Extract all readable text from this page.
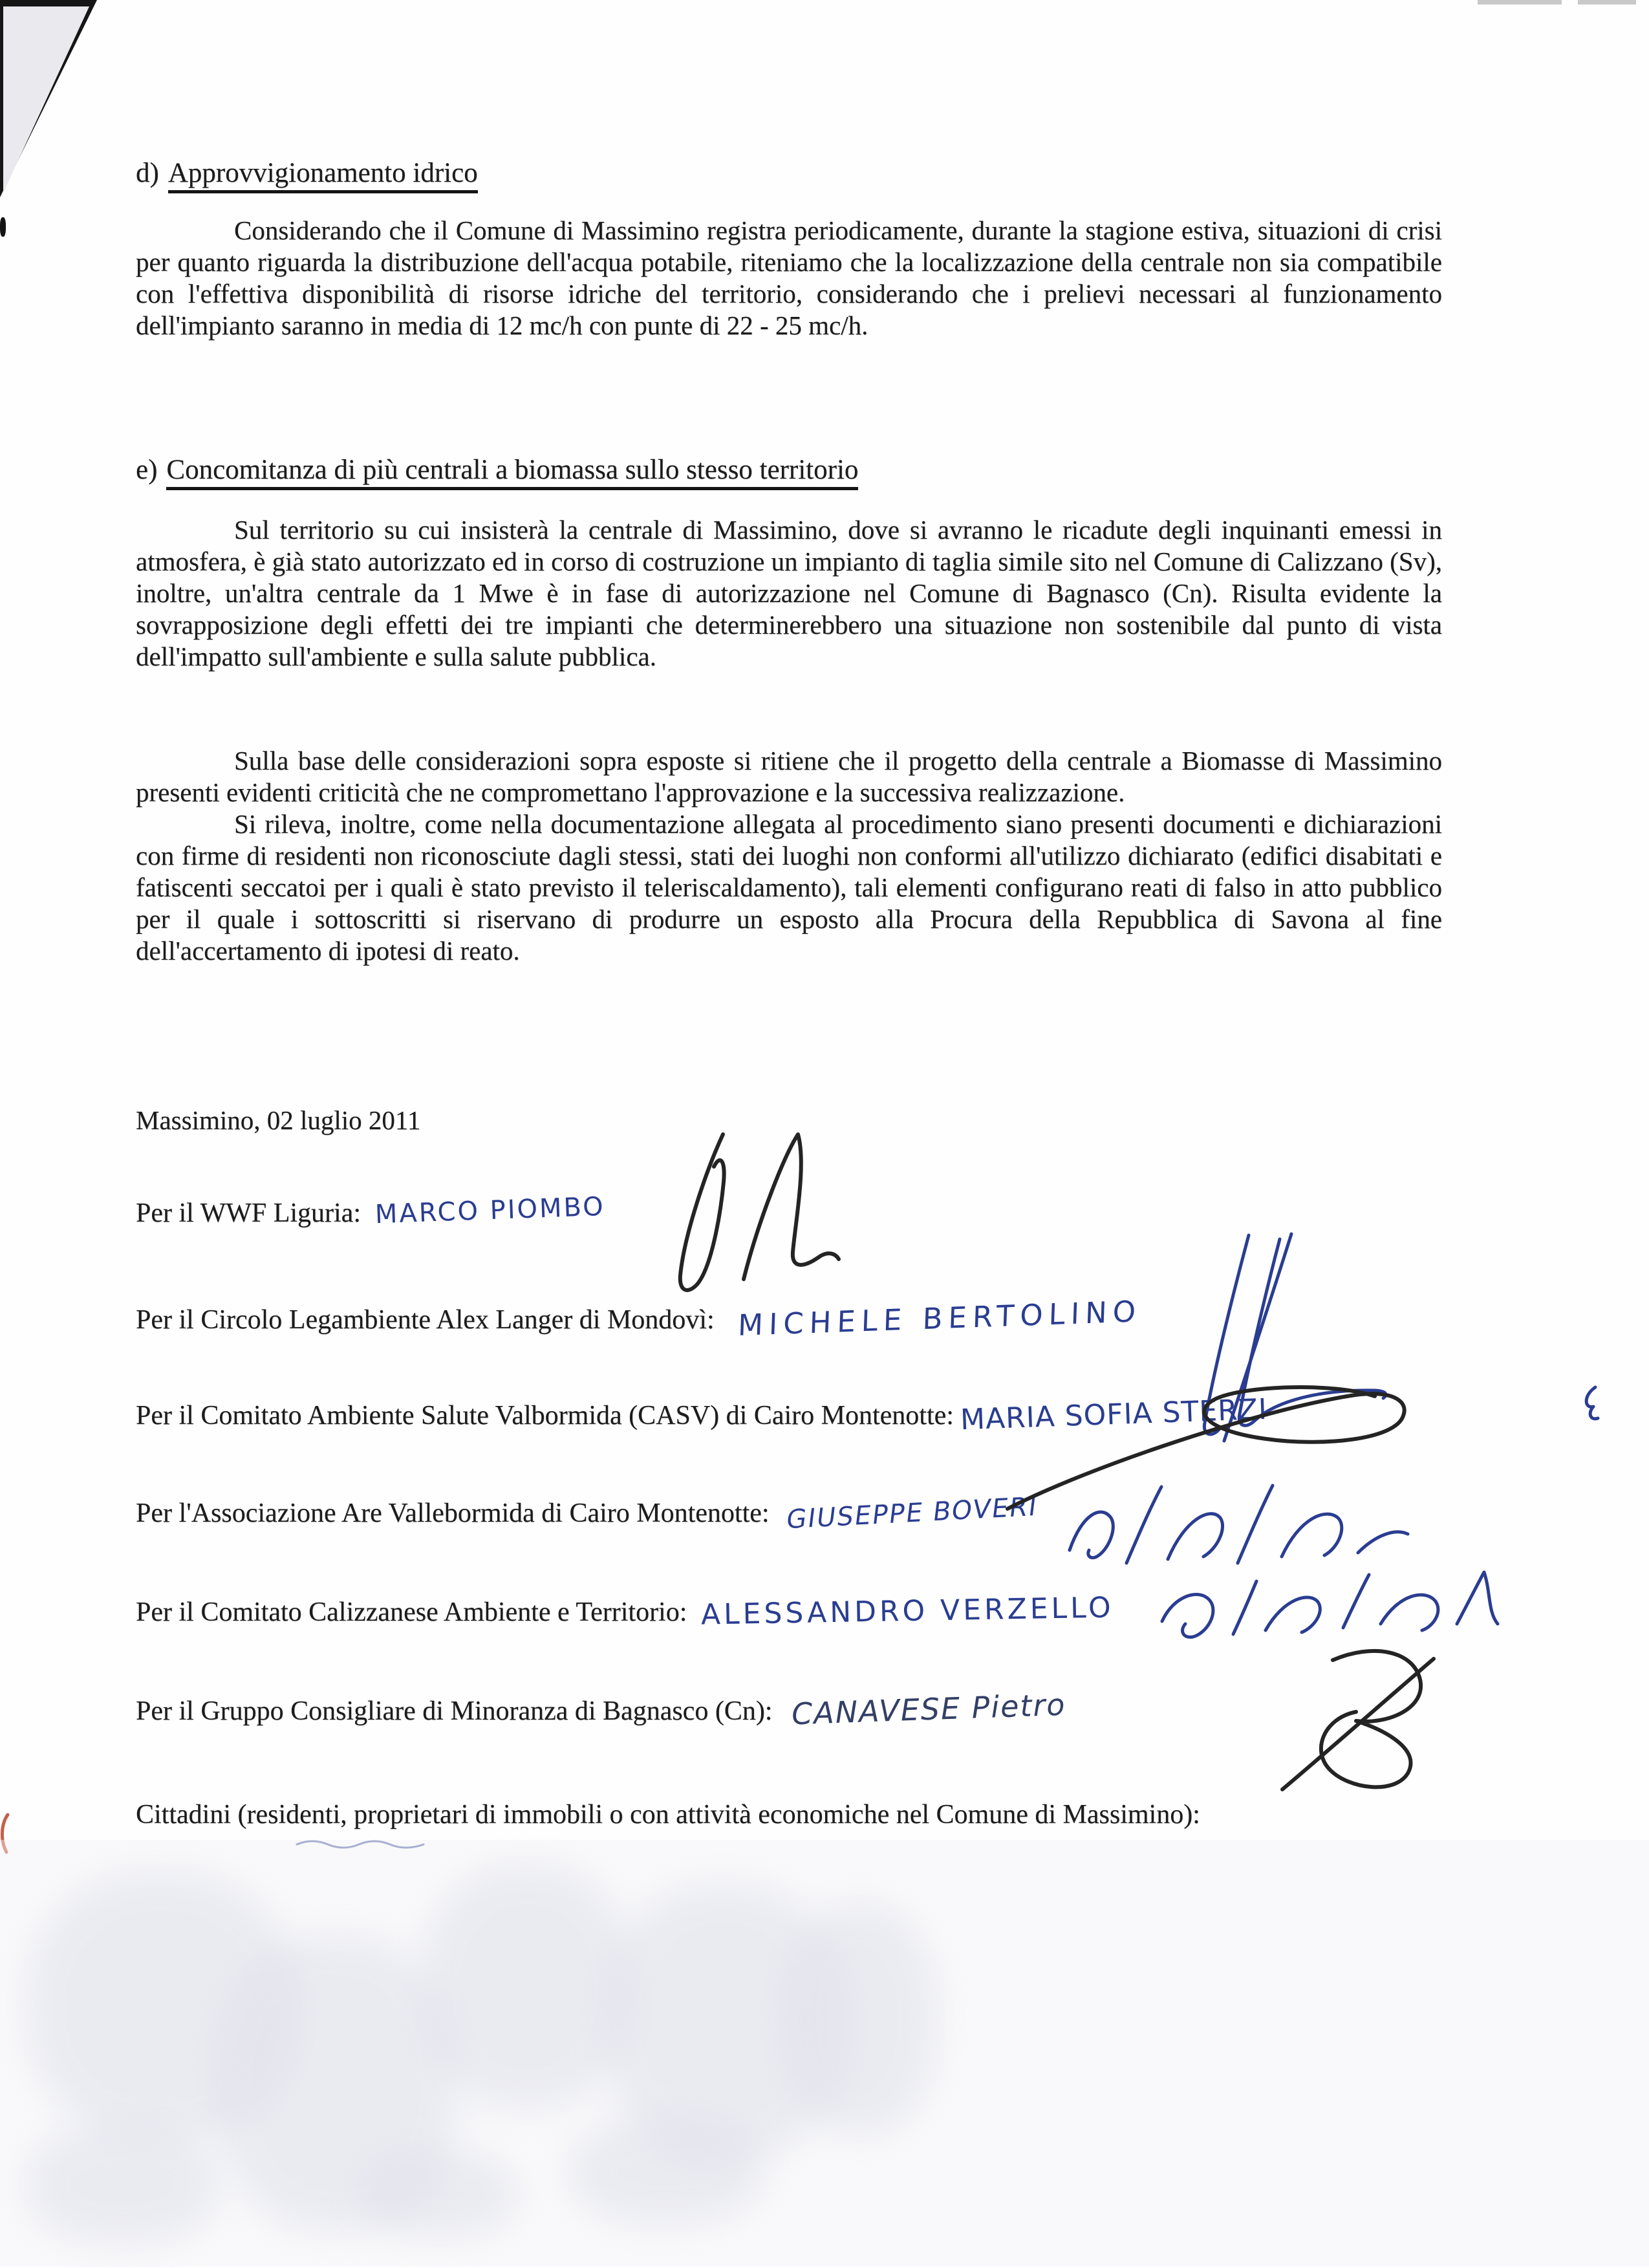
d) Approvvigionamento idrico

Considerando che il Comune di Massimino registra periodicamente, durante la stagione estiva, situazioni di crisi per quanto riguarda la distribuzione dell'acqua potabile, riteniamo che la localizzazione della centrale non sia compatibile con l'effettiva disponibilità di risorse idriche del territorio, considerando che i prelievi necessari al funzionamento dell'impianto saranno in media di 12 mc/h con punte di 22 - 25 mc/h.

e) Concomitanza di più centrali a biomassa sullo stesso territorio

Sul territorio su cui insisterà la centrale di Massimino, dove si avranno le ricadute degli inquinanti emessi in atmosfera, è già stato autorizzato ed in corso di costruzione un impianto di taglia simile sito nel Comune di Calizzano (Sv), inoltre, un'altra centrale da 1 Mwe è in fase di autorizzazione nel Comune di Bagnasco (Cn). Risulta evidente la sovrapposizione degli effetti dei tre impianti che determinerebbero una situazione non sostenibile dal punto di vista dell'impatto sull'ambiente e sulla salute pubblica.

Sulla base delle considerazioni sopra esposte si ritiene che il progetto della centrale a Biomasse di Massimino presenti evidenti criticità che ne compromettano l'approvazione e la successiva realizzazione.

Si rileva, inoltre, come nella documentazione allegata al procedimento siano presenti documenti e dichiarazioni con firme di residenti non riconosciute dagli stessi, stati dei luoghi non conformi all'utilizzo dichiarato (edifici disabitati e fatiscenti seccatoi per i quali è stato previsto il teleriscaldamento), tali elementi configurano reati di falso in atto pubblico per il quale i sottoscritti si riservano di produrre un esposto alla Procura della Repubblica di Savona al fine dell'accertamento di ipotesi di reato.

Massimino, 02 luglio 2011
Per il WWF Liguria: MARCO PIOMBO
Per il Circolo Legambiente Alex Langer di Mondovì: MICHELE BERTOLINO
Per il Comitato Ambiente Salute Valbormida (CASV) di Cairo Montenotte: MARIA SOFIA STERZI
Per l'Associazione Are Vallebormida di Cairo Montenotte: GIUSEPPE BOVERI
Per il Comitato Calizzanese Ambiente e Territorio: ALESSANDRO VERZELLO
Per il Gruppo Consigliare di Minoranza di Bagnasco (Cn): CANAVESE Pietro
Cittadini (residenti, proprietari di immobili o con attività economiche nel Comune di Massimino):
